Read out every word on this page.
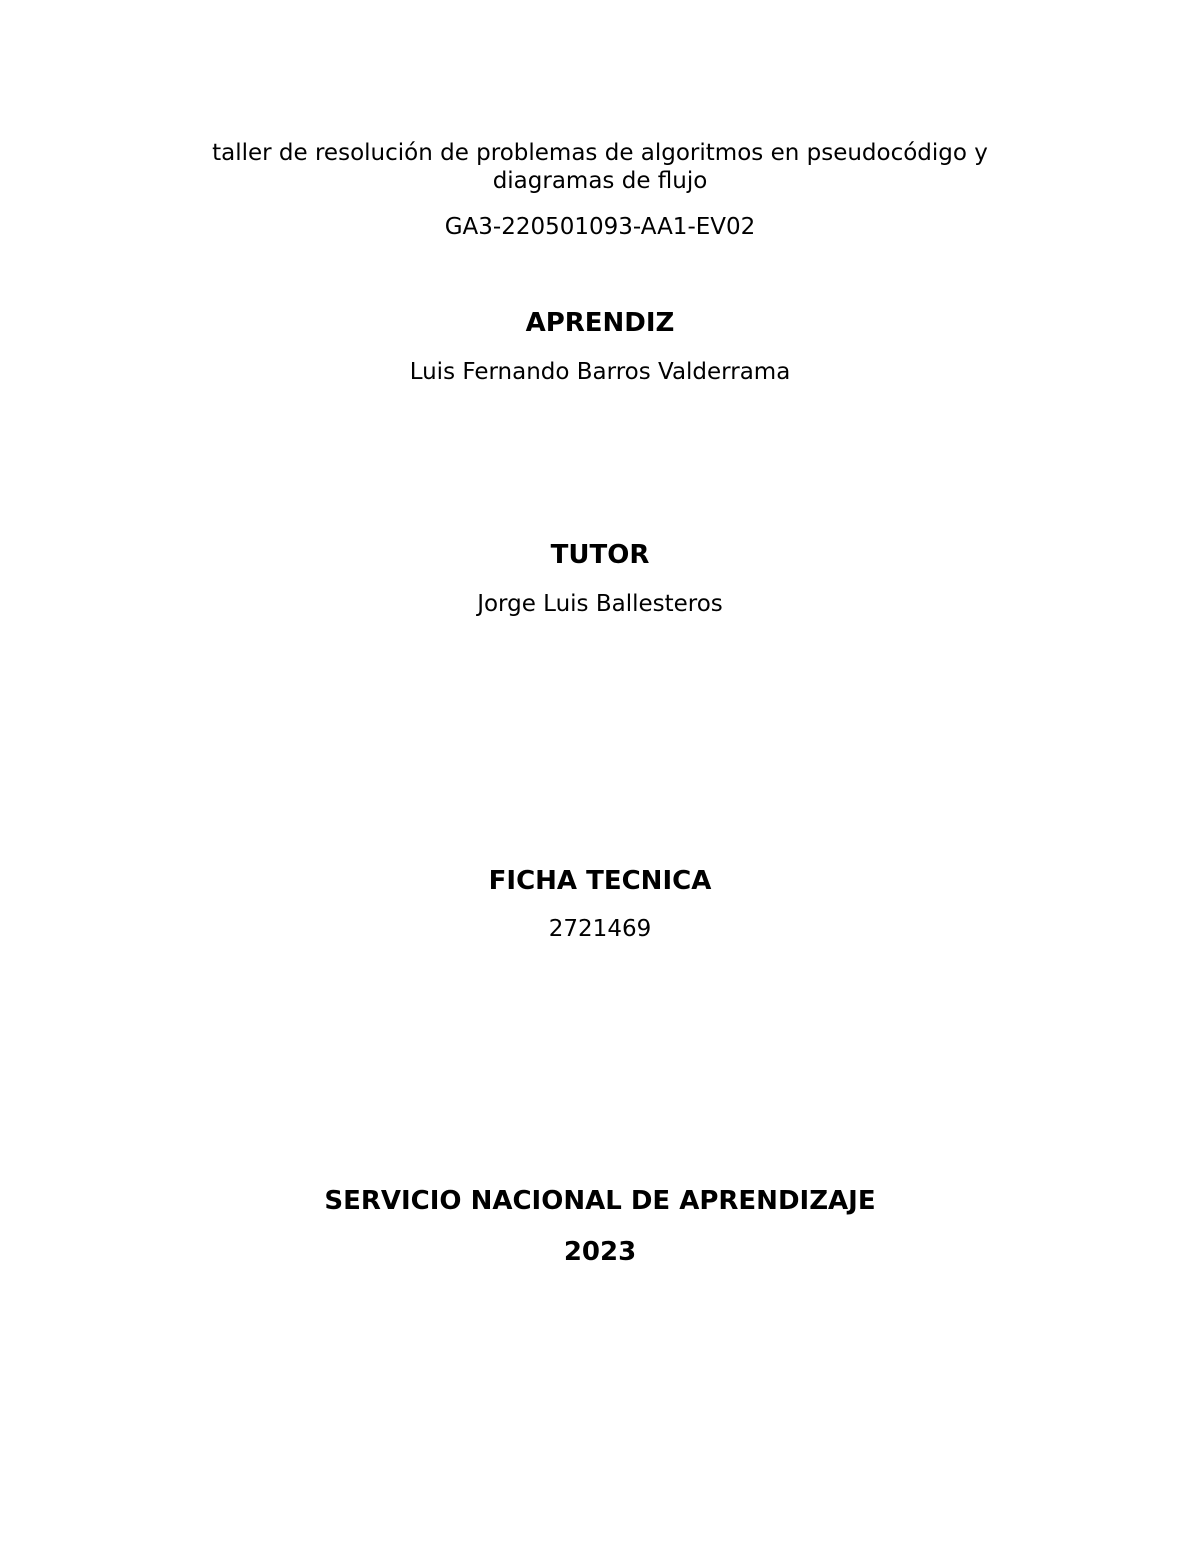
taller de resolución de problemas de algoritmos en pseudocódigo y
diagramas de flujo
GA3-220501093-AA1-EV02
APRENDIZ
Luis Fernando Barros Valderrama
TUTOR
Jorge Luis Ballesteros
FICHA TECNICA
2721469
SERVICIO NACIONAL DE APRENDIZAJE
2023
